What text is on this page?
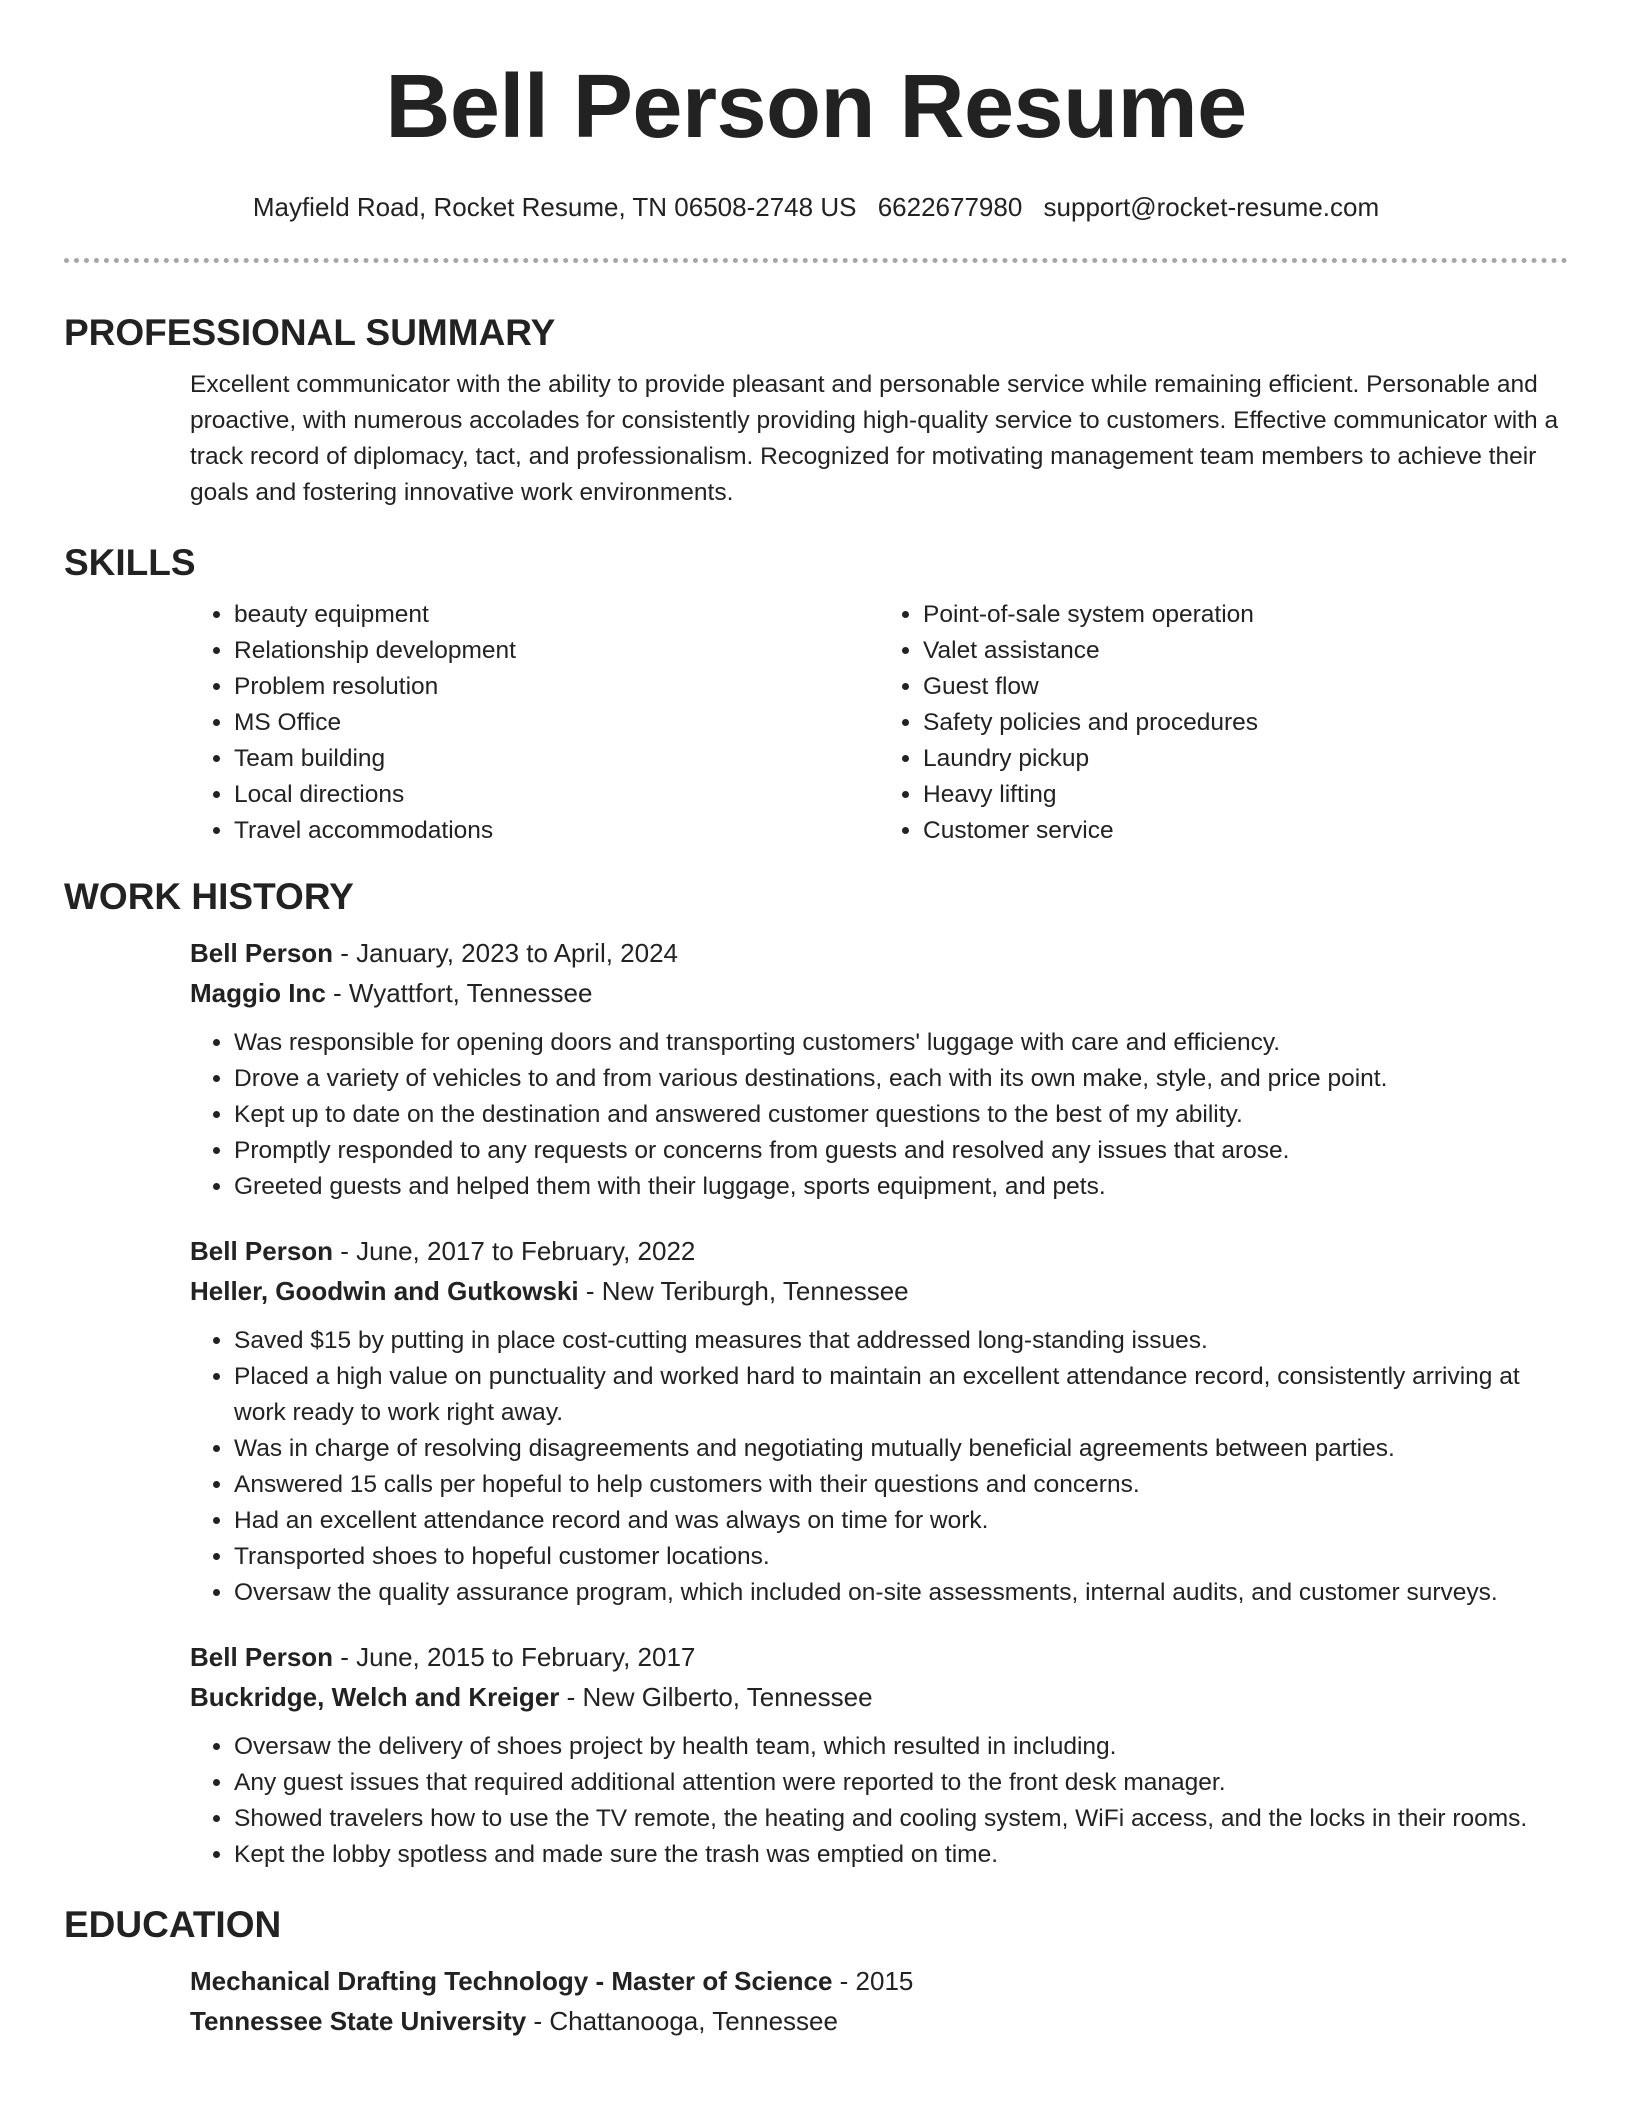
Bell Person Resume
Mayfield Road, Rocket Resume, TN 06508-2748 US 6622677980 support@rocket-resume.com
PROFESSIONAL SUMMARY

Excellent communicator with the ability to provide pleasant and personable service while remaining efficient. Personable and proactive, with numerous accolades for consistently providing high-quality service to customers. Effective communicator with a track record of diplomacy, tact, and professionalism. Recognized for motivating management team members to achieve their goals and fostering innovative work environments.

SKILLS
• beauty equipment
• Relationship development
• Problem resolution
• MS Office
• Team building
• Local directions
• Travel accommodations
• Point-of-sale system operation
• Valet assistance
• Guest flow
• Safety policies and procedures
• Laundry pickup
• Heavy lifting
• Customer service
WORK HISTORY
Bell Person - January, 2023 to April, 2024
Maggio Inc - Wyattfort, Tennessee
• Was responsible for opening doors and transporting customers' luggage with care and efficiency.
• Drove a variety of vehicles to and from various destinations, each with its own make, style, and price point.
• Kept up to date on the destination and answered customer questions to the best of my ability.
• Promptly responded to any requests or concerns from guests and resolved any issues that arose.
• Greeted guests and helped them with their luggage, sports equipment, and pets.
Bell Person - June, 2017 to February, 2022
Heller, Goodwin and Gutkowski - New Teriburgh, Tennessee
• Saved $15 by putting in place cost-cutting measures that addressed long-standing issues.
• Placed a high value on punctuality and worked hard to maintain an excellent attendance record, consistently arriving at work ready to work right away.
• Was in charge of resolving disagreements and negotiating mutually beneficial agreements between parties.
• Answered 15 calls per hopeful to help customers with their questions and concerns.
• Had an excellent attendance record and was always on time for work.
• Transported shoes to hopeful customer locations.
• Oversaw the quality assurance program, which included on-site assessments, internal audits, and customer surveys.
Bell Person - June, 2015 to February, 2017
Buckridge, Welch and Kreiger - New Gilberto, Tennessee
• Oversaw the delivery of shoes project by health team, which resulted in including.
• Any guest issues that required additional attention were reported to the front desk manager.
• Showed travelers how to use the TV remote, the heating and cooling system, WiFi access, and the locks in their rooms.
• Kept the lobby spotless and made sure the trash was emptied on time.
EDUCATION
Mechanical Drafting Technology - Master of Science - 2015
Tennessee State University - Chattanooga, Tennessee
